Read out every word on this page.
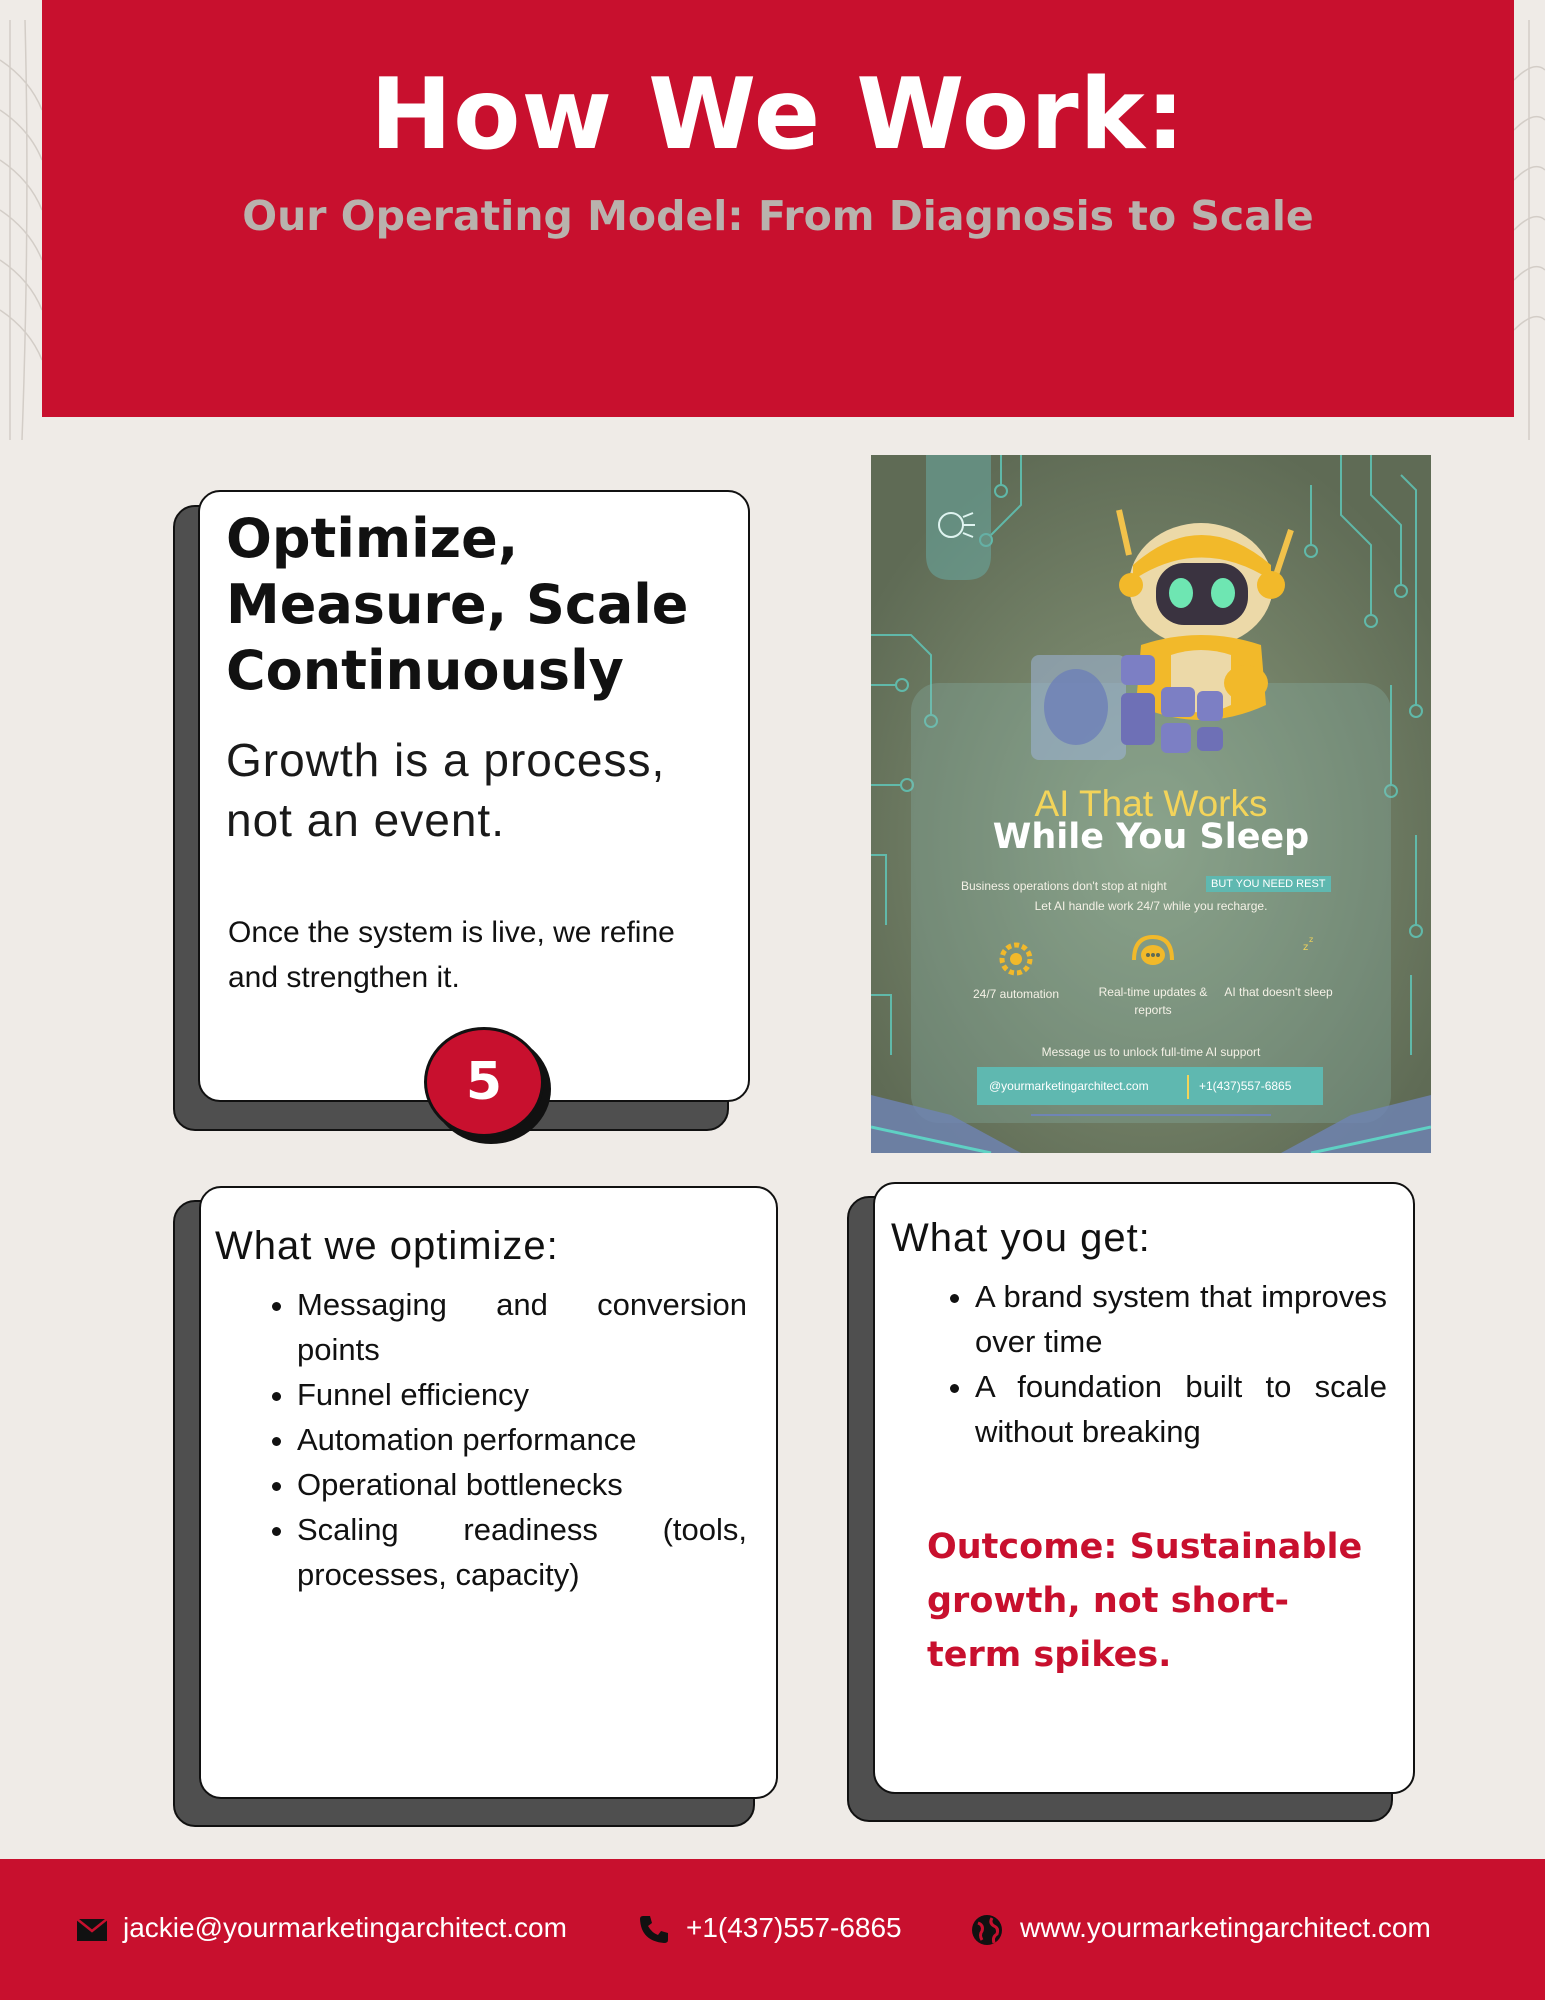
How We Work:
Our Operating Model: From Diagnosis to Scale
Optimize, Measure, Scale Continuously
Growth is a process, not an event.
Once the system is live, we refine and strengthen it.
5
z
z
AI That Works
While You Sleep
Business operations don't stop at night	BUT YOU NEED REST
Let AI handle work 24/7 while you recharge.
24/7 automation	Real-time updates & reports
AI that doesn't sleep
Message us to unlock full-time AI support
@yourmarketingarchitect.com	+1(437)557-6865
What we optimize:
• Messaging and conversion points
• Funnel efficiency
• Automation performance
• Operational bottlenecks
• Scaling readiness (tools, processes, capacity)
What you get:
• A brand system that improves over time
• A foundation built to scale without breaking
Outcome: Sustainable growth, not short-term spikes.
jackie@yourmarketingarchitect.com	+1(437)557-6865	www.yourmarketingarchitect.com
